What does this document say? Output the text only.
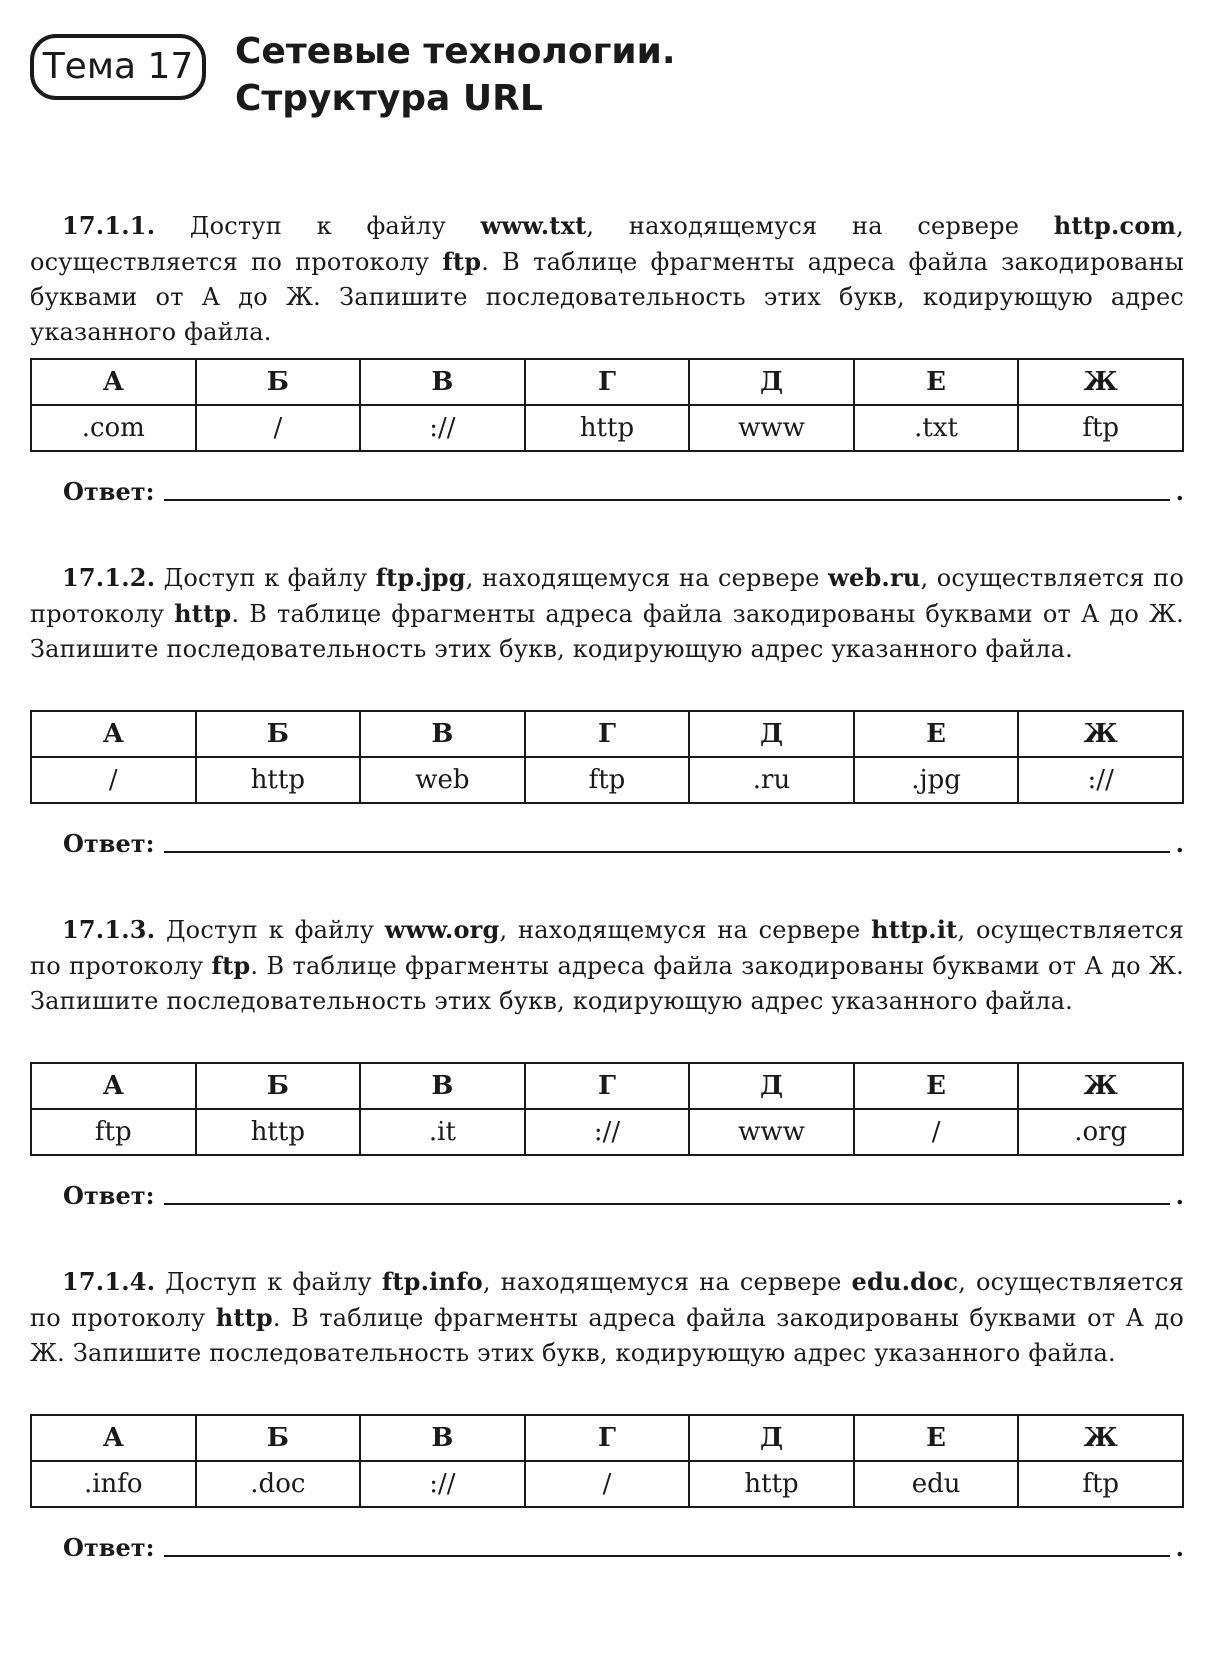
Тема 17	Сетевые технологии.
Структура URL

17.1.1. Доступ к файлу www.txt, находящемуся на сервере http.com, осуществляется по протоколу ftp. В таблице фрагменты адреса файла закодированы буквами от А до Ж. Запишите последовательность этих букв, кодирующую адрес указанного файла.

А	Б	В	Г	Д	Е	Ж
.com	/	://	http	www	.txt	ftp
Ответ:	.

17.1.2. Доступ к файлу ftp.jpg, находящемуся на сервере web.ru, осуществляется по протоколу http. В таблице фрагменты адреса файла закодированы буквами от А до Ж. Запишите последовательность этих букв, кодирующую адрес указанного файла.

А	Б	В	Г	Д	Е	Ж
/	http	web	ftp	.ru	.jpg	://
Ответ:	.

17.1.3. Доступ к файлу www.org, находящемуся на сервере http.it, осуществляется по протоколу ftp. В таблице фрагменты адреса файла закодированы буквами от А до Ж. Запишите последовательность этих букв, кодирующую адрес указанного файла.

А	Б	В	Г	Д	Е	Ж
ftp	http	.it	://	www	/	.org
Ответ:	.

17.1.4. Доступ к файлу ftp.info, находящемуся на сервере edu.doc, осуществляется по протоколу http. В таблице фрагменты адреса файла закодированы буквами от А до Ж. Запишите последовательность этих букв, кодирующую адрес указанного файла.

А	Б	В	Г	Д	Е	Ж
.info	.doc	://	/	http	edu	ftp
Ответ:	.
